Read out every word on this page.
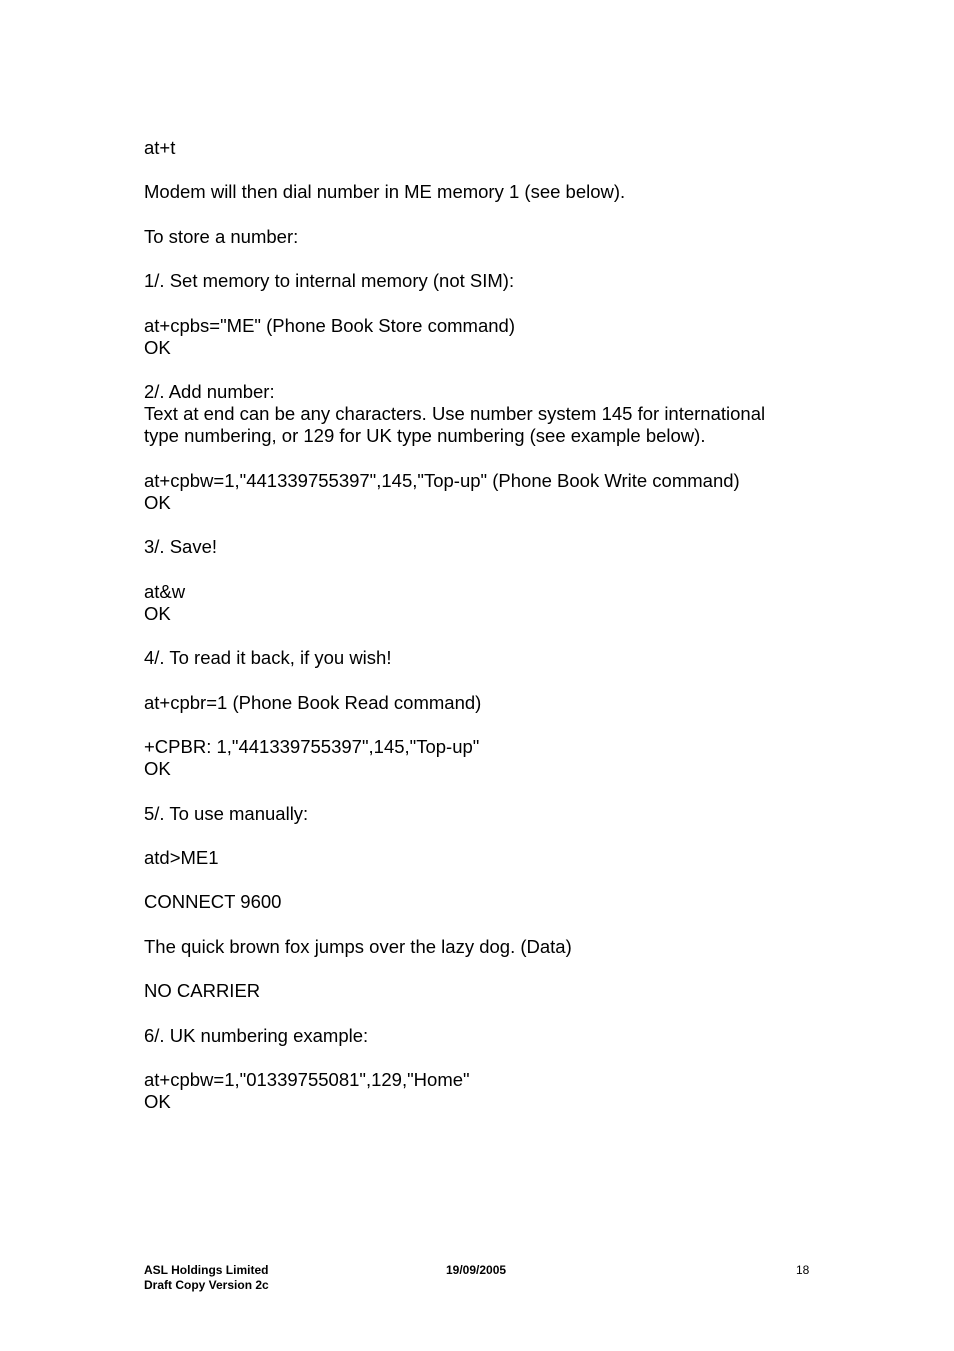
at+t
Modem will then dial number in ME memory 1 (see below).
To store a number:
1/. Set memory to internal memory (not SIM):
at+cpbs="ME" (Phone Book Store command)
OK
2/. Add number:
Text at end can be any characters. Use number system 145 for international
type numbering, or 129 for UK type numbering (see example below).
at+cpbw=1,"441339755397",145,"Top-up" (Phone Book Write command)
OK
3/. Save!
at&w
OK
4/. To read it back, if you wish!
at+cpbr=1 (Phone Book Read command)
+CPBR: 1,"441339755397",145,"Top-up"
OK
5/. To use manually:
atd>ME1
CONNECT 9600
The quick brown fox jumps over the lazy dog. (Data)
NO CARRIER
6/. UK numbering example:
at+cpbw=1,"01339755081",129,"Home"
OK
ASL Holdings Limited
Draft Copy Version 2c
19/09/2005	18
